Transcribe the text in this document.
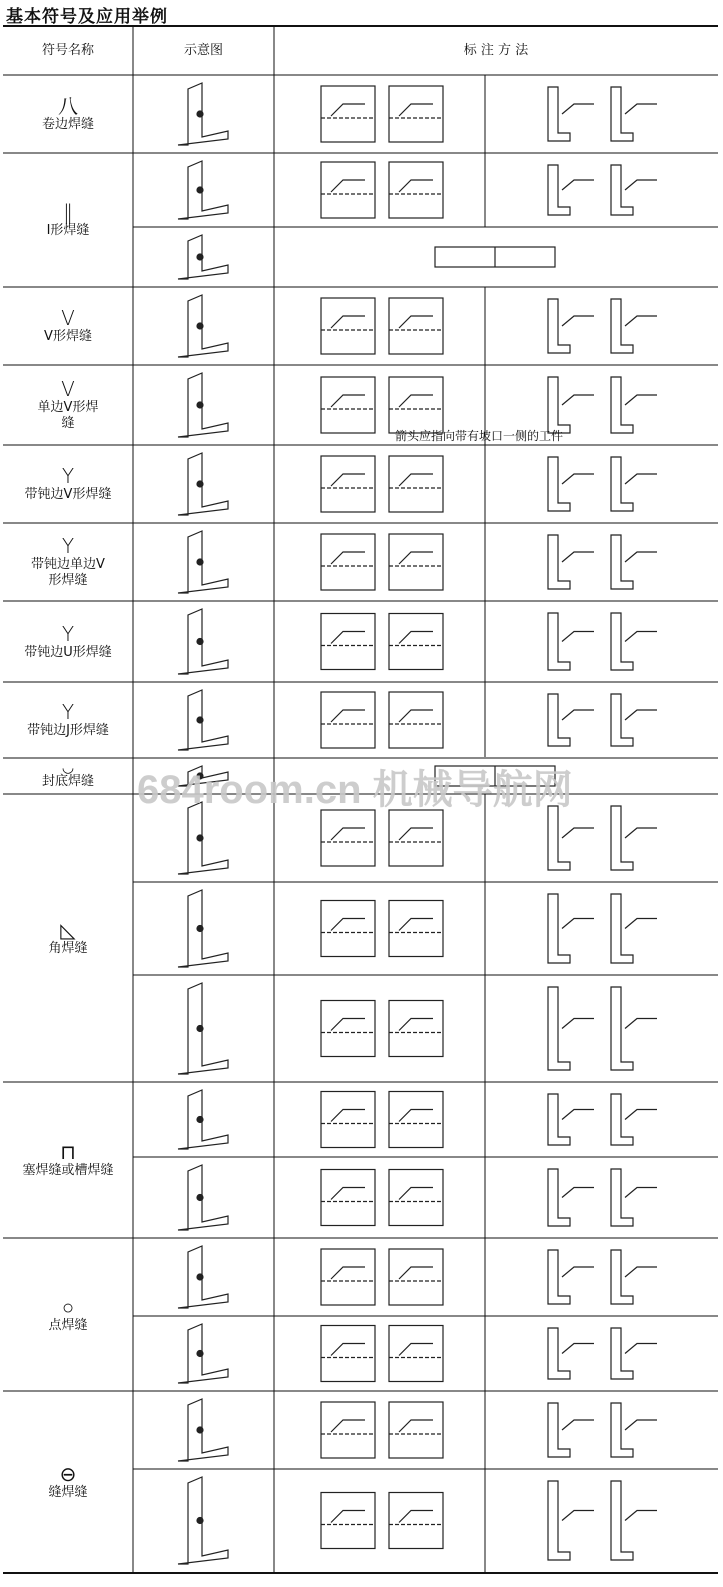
基本符号及应用举例
符号名称	示意图	标 注 方 法
八
卷边焊缝
‖
I形焊缝
V
V形焊缝
V
单边V形焊缝
Y
带钝边V形焊缝
Y
带钝边单边V形焊缝
Y
带钝边U形焊缝
Y
带钝边J形焊缝
◡
封底焊缝
◺
角焊缝
⊓
塞焊缝或槽焊缝
○
点焊缝
⊖
缝焊缝
箭头应指向带有坡口一侧的工件
684room.cn 机械导航网
